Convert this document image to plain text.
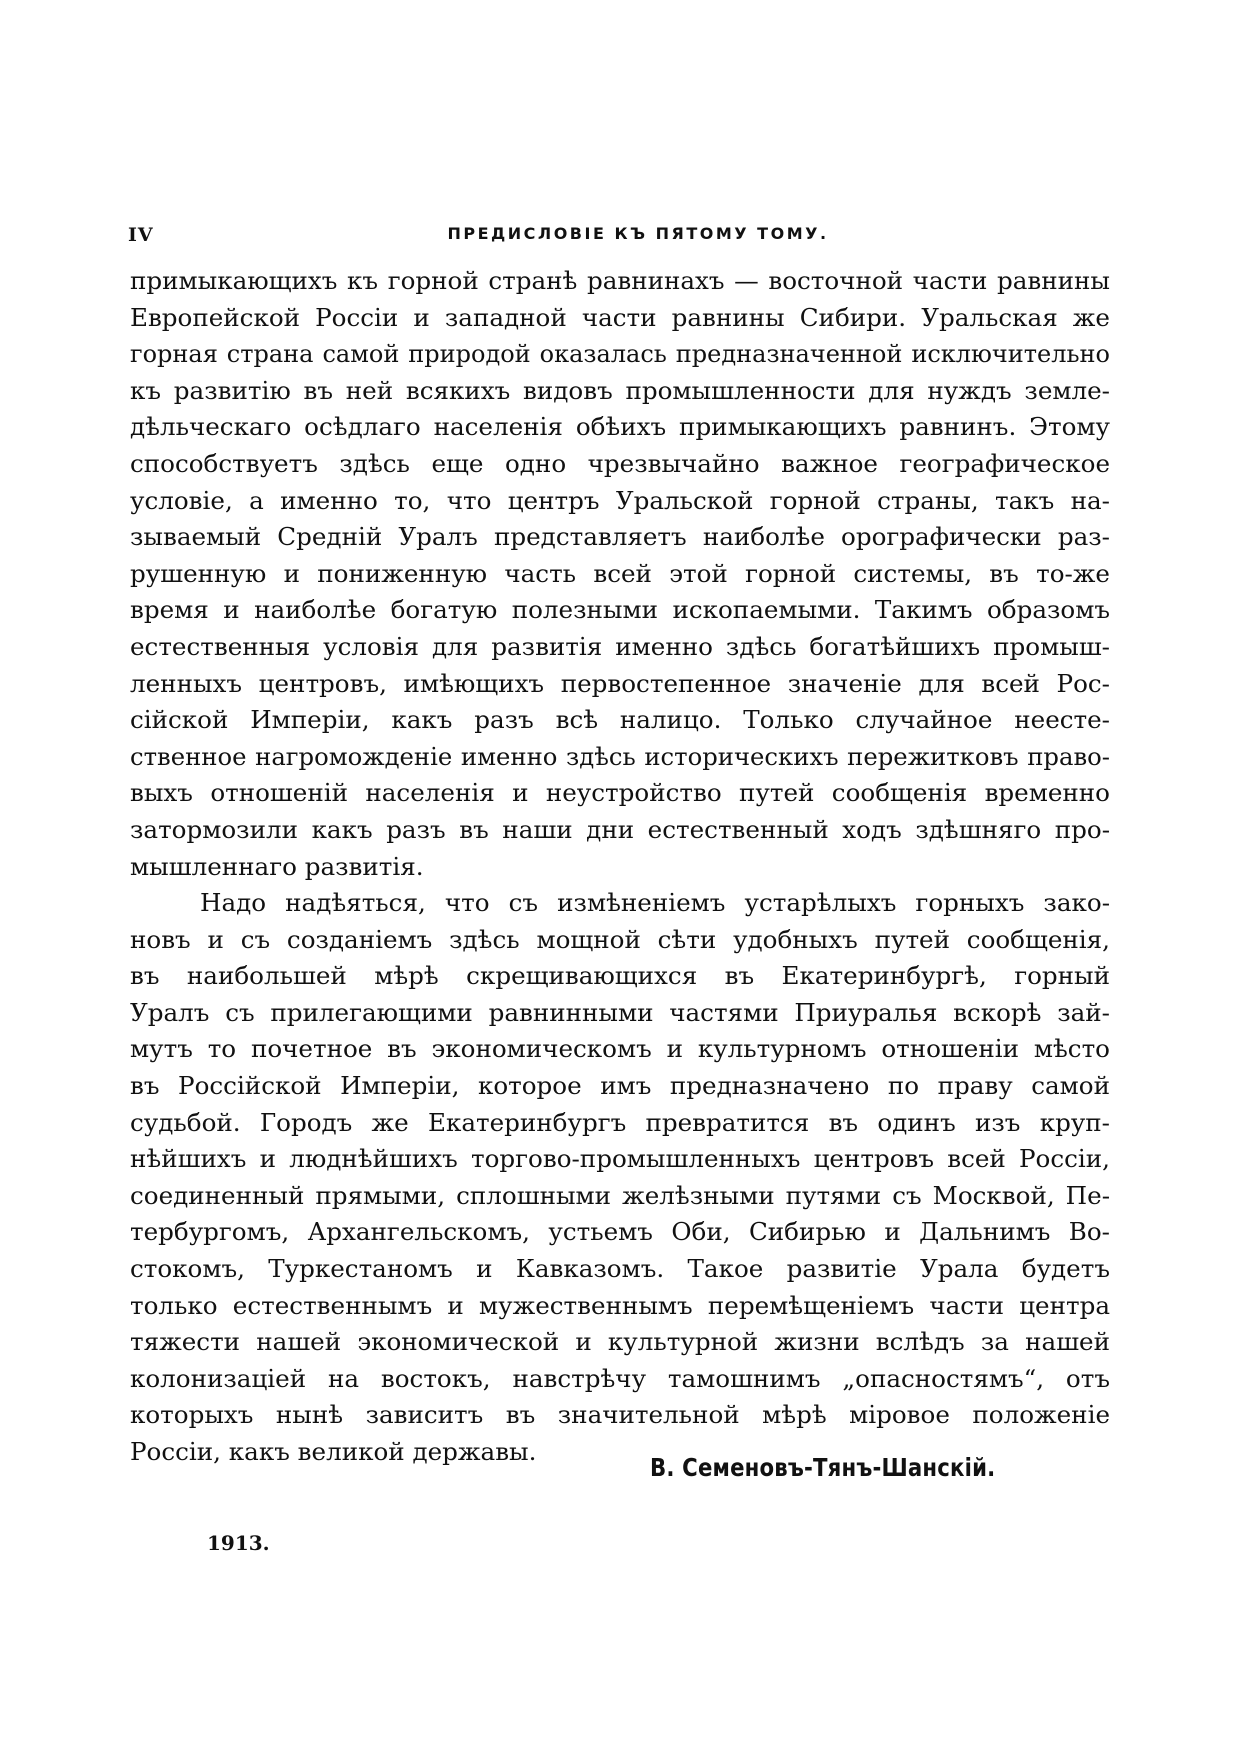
IV	ПРЕДИСЛОВІЕ КЪ ПЯТОМУ ТОМУ.
примыкающихъ къ горной странѣ равнинахъ — восточной части равнины
Европейской Россіи и западной части равнины Сибири. Уральская же
горная страна самой природой оказалась предназначенной исключительно
къ развитію въ ней всякихъ видовъ промышленности для нуждъ земле-
дѣльческаго осѣдлаго населенія обѣихъ примыкающихъ равнинъ. Этому
способствуетъ здѣсь еще одно чрезвычайно важное географическое
условіе, а именно то, что центръ Уральской горной страны, такъ на-
зываемый Средній Уралъ представляетъ наиболѣе орографически раз-
рушенную и пониженную часть всей этой горной системы, въ то-же
время и наиболѣе богатую полезными ископаемыми. Такимъ образомъ
естественныя условія для развитія именно здѣсь богатѣйшихъ промыш-
ленныхъ центровъ, имѣющихъ первостепенное значеніе для всей Рос-
сійской Имперіи, какъ разъ всѣ налицо. Только случайное неесте-
ственное нагроможденіе именно здѣсь историческихъ пережитковъ право-
выхъ отношеній населенія и неустройство путей сообщенія временно
затормозили какъ разъ въ наши дни естественный ходъ здѣшняго про-
мышленнаго развитія.
Надо надѣяться, что съ измѣненіемъ устарѣлыхъ горныхъ зако-
новъ и съ созданіемъ здѣсь мощной сѣти удобныхъ путей сообщенія,
въ наибольшей мѣрѣ скрещивающихся въ Екатеринбургѣ, горный
Уралъ съ прилегающими равнинными частями Приуралья вскорѣ зай-
мутъ то почетное въ экономическомъ и культурномъ отношеніи мѣсто
въ Россійской Имперіи, которое имъ предназначено по праву самой
судьбой. Городъ же Екатеринбургъ превратится въ одинъ изъ круп-
нѣйшихъ и люднѣйшихъ торгово-промышленныхъ центровъ всей Россіи,
соединенный прямыми, сплошными желѣзными путями съ Москвой, Пе-
тербургомъ, Архангельскомъ, устьемъ Оби, Сибирью и Дальнимъ Во-
стокомъ, Туркестаномъ и Кавказомъ. Такое развитіе Урала будетъ
только естественнымъ и мужественнымъ перемѣщеніемъ части центра
тяжести нашей экономической и культурной жизни вслѣдъ за нашей
колонизаціей на востокъ, навстрѣчу тамошнимъ „опасностямъ“, отъ
которыхъ нынѣ зависитъ въ значительной мѣрѣ міровое положеніе
Россіи, какъ великой державы.
В. Семеновъ-Тянъ-Шанскій.
1913.
